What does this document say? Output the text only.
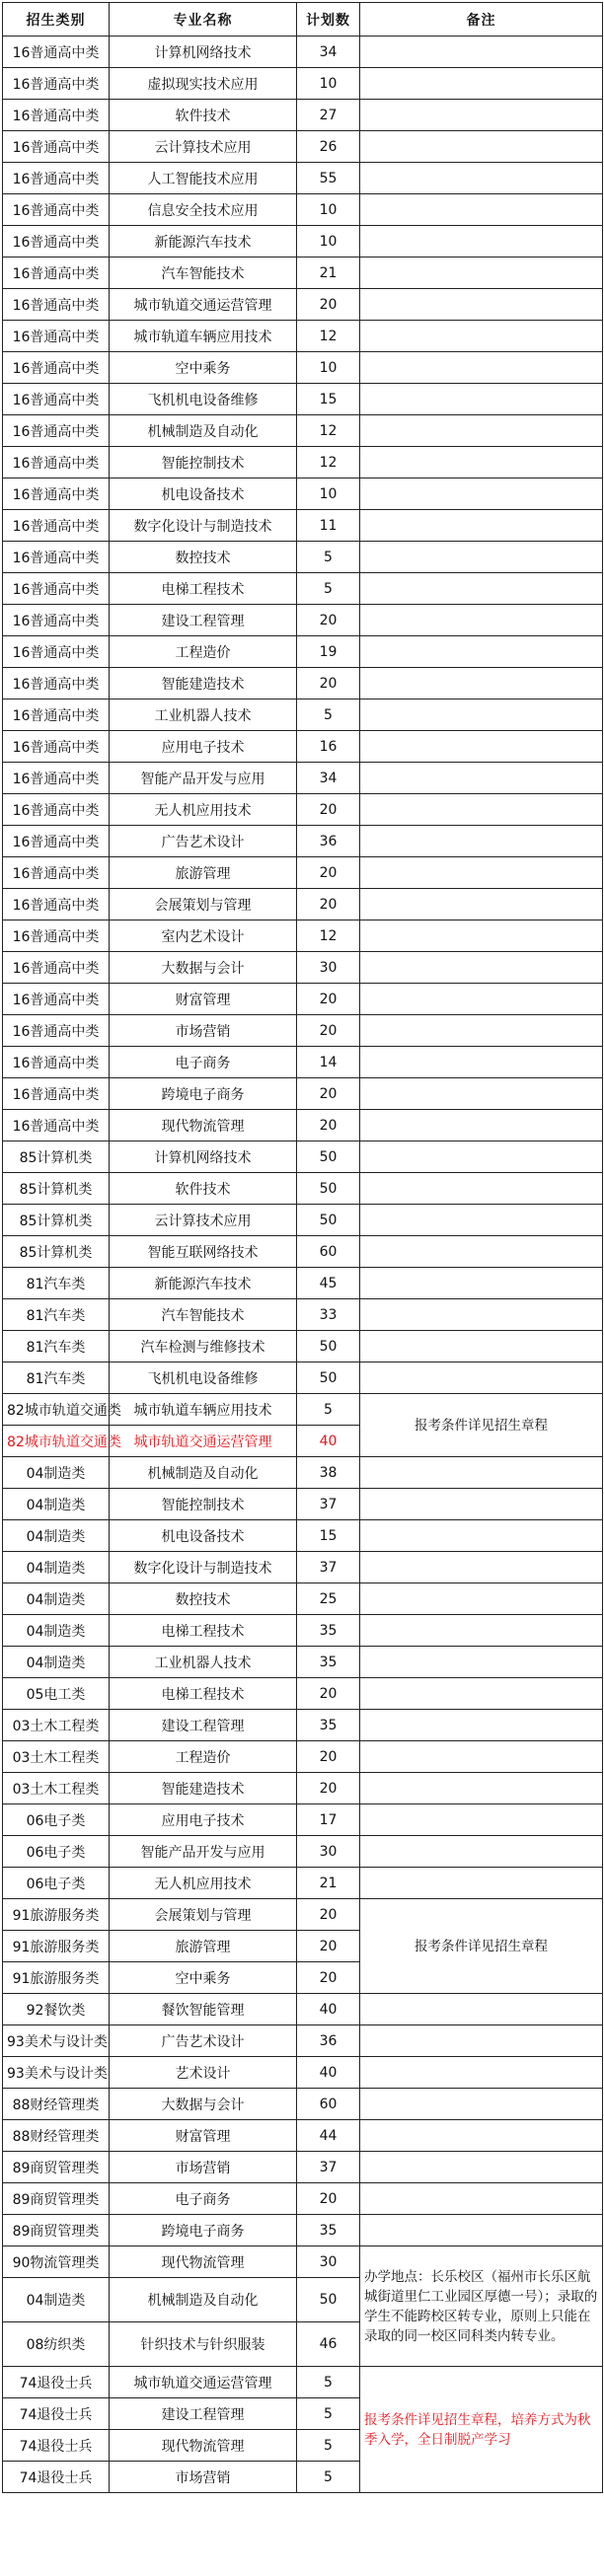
招生类别	专业名称	计划数	备注
16普通高中类	计算机网络技术	34	
16普通高中类	虚拟现实技术应用	10	
16普通高中类	软件技术	27	
16普通高中类	云计算技术应用	26	
16普通高中类	人工智能技术应用	55	
16普通高中类	信息安全技术应用	10	
16普通高中类	新能源汽车技术	10	
16普通高中类	汽车智能技术	21	
16普通高中类	城市轨道交通运营管理	20	
16普通高中类	城市轨道车辆应用技术	12	
16普通高中类	空中乘务	10	
16普通高中类	飞机机电设备维修	15	
16普通高中类	机械制造及自动化	12	
16普通高中类	智能控制技术	12	
16普通高中类	机电设备技术	10	
16普通高中类	数字化设计与制造技术	11	
16普通高中类	数控技术	5	
16普通高中类	电梯工程技术	5	
16普通高中类	建设工程管理	20	
16普通高中类	工程造价	19	
16普通高中类	智能建造技术	20	
16普通高中类	工业机器人技术	5	
16普通高中类	应用电子技术	16	
16普通高中类	智能产品开发与应用	34	
16普通高中类	无人机应用技术	20	
16普通高中类	广告艺术设计	36	
16普通高中类	旅游管理	20	
16普通高中类	会展策划与管理	20	
16普通高中类	室内艺术设计	12	
16普通高中类	大数据与会计	30	
16普通高中类	财富管理	20	
16普通高中类	市场营销	20	
16普通高中类	电子商务	14	
16普通高中类	跨境电子商务	20	
16普通高中类	现代物流管理	20	
85计算机类	计算机网络技术	50	
85计算机类	软件技术	50	
85计算机类	云计算技术应用	50	
85计算机类	智能互联网络技术	60	
81汽车类	新能源汽车技术	45	
81汽车类	汽车智能技术	33	
81汽车类	汽车检测与维修技术	50	
81汽车类	飞机机电设备维修	50	
82城市轨道交通类	城市轨道车辆应用技术	5	报考条件详见招生章程
82城市轨道交通类	城市轨道交通运营管理	40	
04制造类	机械制造及自动化	38	
04制造类	智能控制技术	37	
04制造类	机电设备技术	15	
04制造类	数字化设计与制造技术	37	
04制造类	数控技术	25	
04制造类	电梯工程技术	35	
04制造类	工业机器人技术	35	
05电工类	电梯工程技术	20	
03土木工程类	建设工程管理	35	
03土木工程类	工程造价	20	
03土木工程类	智能建造技术	20	
06电子类	应用电子技术	17	
06电子类	智能产品开发与应用	30	
06电子类	无人机应用技术	21	
91旅游服务类	会展策划与管理	20	报考条件详见招生章程
91旅游服务类	旅游管理	20	
91旅游服务类	空中乘务	20	
92餐饮类	餐饮智能管理	40	
93美术与设计类	广告艺术设计	36	
93美术与设计类	艺术设计	40	
88财经管理类	大数据与会计	60	
88财经管理类	财富管理	44	
89商贸管理类	市场营销	37	
89商贸管理类	电子商务	20	
89商贸管理类	跨境电子商务	35	
90物流管理类	现代物流管理	30	办学地点：长乐校区（福州市长乐区航城街道里仁工业园区厚德一号）；录取的学生不能跨校区转专业，原则上只能在录取的同一校区同科类内转专业。
04制造类	机械制造及自动化	50	
08纺织类	针织技术与针织服装	46	
74退役士兵	城市轨道交通运营管理	5	报考条件详见招生章程，培养方式为秋季入学，全日制脱产学习
74退役士兵	建设工程管理	5	
74退役士兵	现代物流管理	5	
74退役士兵	市场营销	5	
